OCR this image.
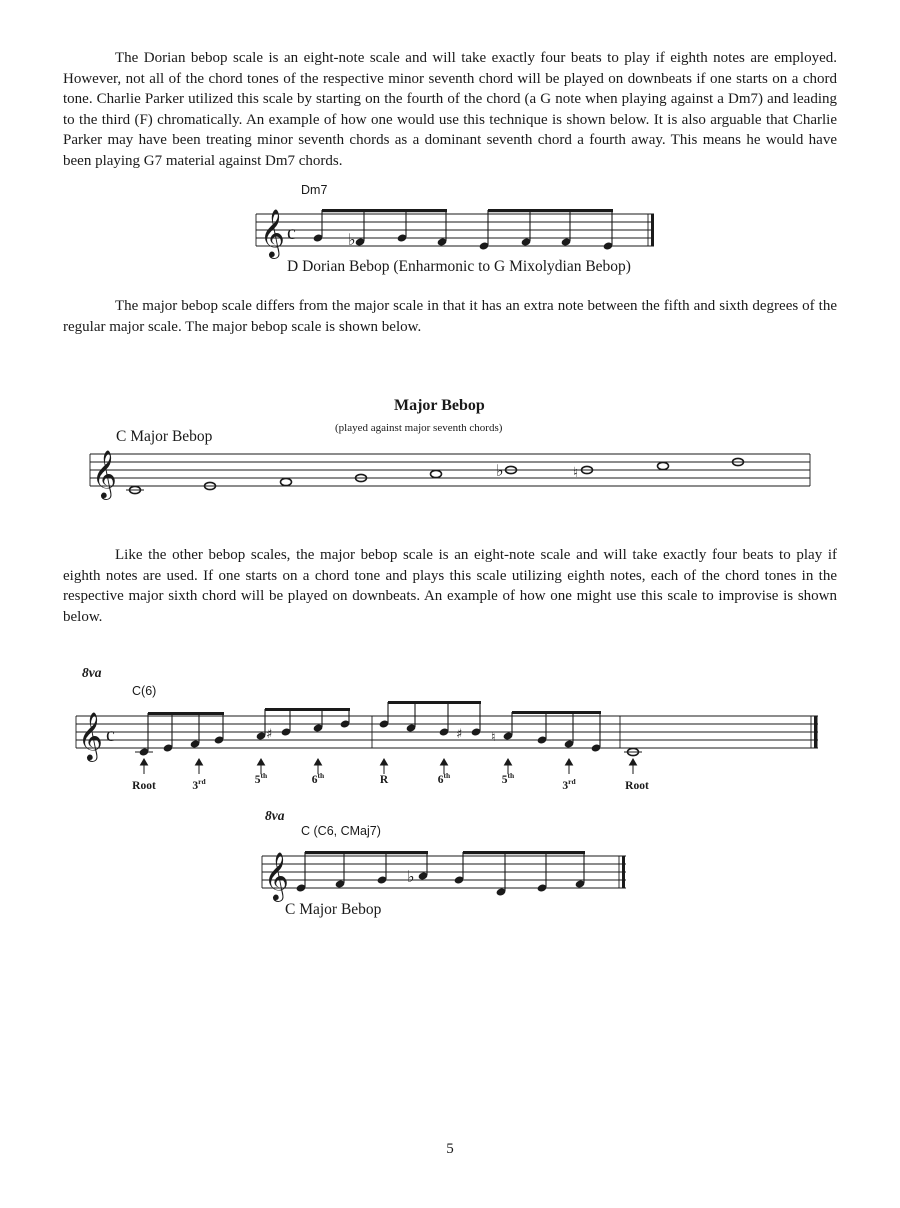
The Dorian bebop scale is an eight-note scale and will take exactly four beats to play if eighth notes are employed. However, not all of the chord tones of the respective minor seventh chord will be played on downbeats if one starts on a chord tone. Charlie Parker utilized this scale by starting on the fourth of the chord (a G note when playing against a Dm7) and leading to the third (F) chromatically. An example of how one would use this technique is shown below. It is also arguable that Charlie Parker may have been treating minor seventh chords as a dominant seventh chord a fourth away. This means he would have been playing G7 material against Dm7 chords.

Dm7
𝄞 c	♭
D Dorian Bebop (Enharmonic to G Mixolydian Bebop)

The major bebop scale differs from the major scale in that it has an extra note between the fifth and sixth degrees of the regular major scale. The major bebop scale is shown below.

Major Bebop
(played against major seventh chords)
C Major Bebop
𝄞	♭	♮

Like the other bebop scales, the major bebop scale is an eight-note scale and will take exactly four beats to play if eighth notes are used. If one starts on a chord tone and plays this scale utilizing eighth notes, each of the chord tones in the respective major sixth chord will be played on downbeats. An example of how one might use this scale to improvise is shown below.

8va
C(6)
𝄞 c	♯	♯ ♮
Root	3rd	5th	6th	R	6th	5th
3rd	Root
8va
C (C6, CMaj7)
𝄞	♭
C Major Bebop
5
